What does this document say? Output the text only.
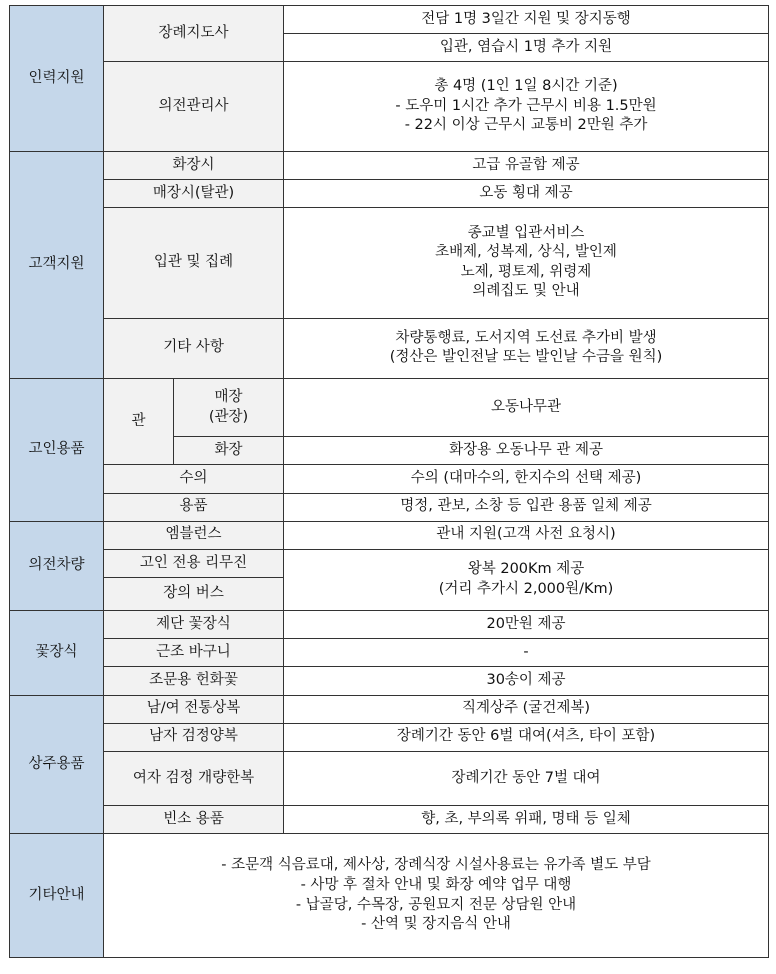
인력지원	장례지도사		전담 1명 3일간 지원 및 장지동행
			입관, 염습시 1명 추가 지원
	의전관리사		총 4명 (1인 1일 8시간 기준)
- 도우미 1시간 추가 근무시 비용 1.5만원
- 22시 이상 근무시 교통비 2만원 추가

고객지원	화장시		고급 유골함 제공
	매장시(탈관)		오동 횡대 제공
	입관 및 집례		종교별 입관서비스
초배제, 성복제, 상식, 발인제
노제, 평토제, 위령제
의례집도 및 안내

	기타 사항		차량통행료, 도서지역 도선료 추가비 발생
(정산은 발인전날 또는 발인날 수금을 원칙)

고인용품	관	매장
(관장)	오동나무관
		화장	화장용 오동나무 관 제공
	수의		수의 (대마수의, 한지수의 선택 제공)
	용품		명정, 관보, 소창 등 입관 용품 일체 제공
의전차량	엠블런스		관내 지원(고객 사전 요청시)
	고인 전용 리무진		왕복 200Km 제공
(거리 추가시 2,000원/Km)

	장의 버스		
꽃장식	제단 꽃장식		20만원 제공
	근조 바구니		-
	조문용 헌화꽃		30송이 제공
상주용품	남/여 전통상복		직계상주 (굴건제복)
	남자 검정양복		장례기간 동안 6벌 대여(셔츠, 타이 포함)
	여자 검정 개량한복		장례기간 동안 7벌 대여
	빈소 용품		향, 초, 부의록 위패, 명태 등 일체
기타안내	- 조문객 식음료대, 제사상, 장례식장 시설사용료는 유가족 별도 부담
- 사망 후 절차 안내 및 화장 예약 업무 대행
- 납골당, 수목장, 공원묘지 전문 상담원 안내
- 산역 및 장지음식 안내		
